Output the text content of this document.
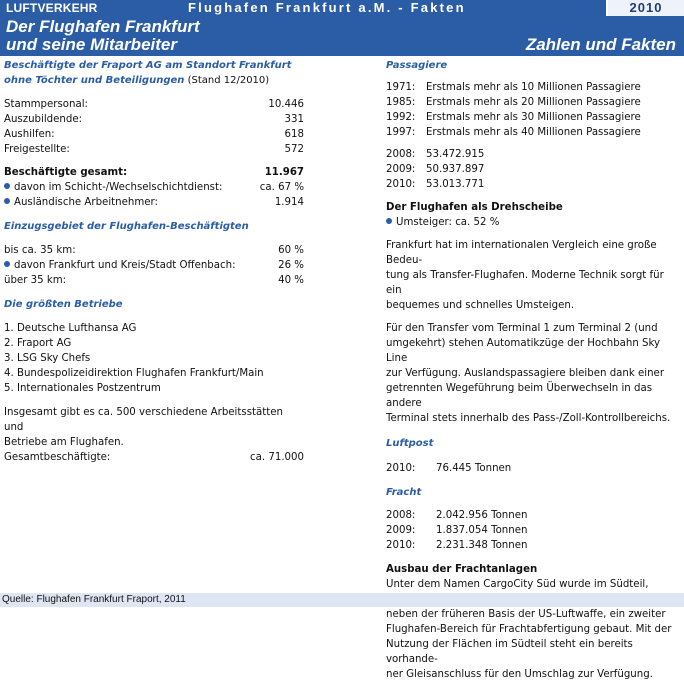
LUFTVERKEHR	Flughafen Frankfurt a.M. - Fakten	2010
Der Flughafen Frankfurt
und seine Mitarbeiter	Zahlen und Fakten
Beschäftigte der Fraport AG am Standort Frankfurt
ohne Töchter und Beteiligungen (Stand 12/2010)
Stammpersonal:	10.446
Auszubildende:	331
Aushilfen:	618
Freigestellte:	572
Beschäftigte gesamt:	11.967
davon im Schicht-/Wechselschichtdienst:	ca. 67 %
Ausländische Arbeitnehmer:	1.914
Einzugsgebiet der Flughafen-Beschäftigten
bis ca. 35 km:	60 %
davon Frankfurt und Kreis/Stadt Offenbach:	26 %
über 35 km:	40 %
Die größten Betriebe
1. Deutsche Lufthansa AG
2. Fraport AG
3. LSG Sky Chefs
4. Bundespolizeidirektion Flughafen Frankfurt/Main
5. Internationales Postzentrum
Insgesamt gibt es ca. 500 verschiedene Arbeitsstätten und
Betriebe am Flughafen.
Gesamtbeschäftigte:	ca. 71.000
Passagiere
1971: Erstmals mehr als 10 Millionen Passagiere
1985: Erstmals mehr als 20 Millionen Passagiere
1992: Erstmals mehr als 30 Millionen Passagiere
1997: Erstmals mehr als 40 Millionen Passagiere
2008: 53.472.915
2009: 50.937.897
2010: 53.013.771
Der Flughafen als Drehscheibe
Umsteiger: ca. 52 %
Frankfurt hat im internationalen Vergleich eine große Bedeu-
tung als Transfer-Flughafen. Moderne Technik sorgt für ein
bequemes und schnelles Umsteigen.
Für den Transfer vom Terminal 1 zum Terminal 2 (und
umgekehrt) stehen Automatikzüge der Hochbahn Sky Line
zur Verfügung. Auslandspassagiere bleiben dank einer
getrennten Wegeführung beim Überwechseln in das andere
Terminal stets innerhalb des Pass-/Zoll-Kontrollbereichs.
Luftpost
2010: 76.445 Tonnen
Fracht
2008: 2.042.956 Tonnen
2009: 1.837.054 Tonnen
2010: 2.231.348 Tonnen
Ausbau der Frachtanlagen
Unter dem Namen CargoCity Süd wurde im Südteil,
neben der früheren Basis der US-Luftwaffe, ein zweiter
Flughafen-Bereich für Frachtabfertigung gebaut. Mit der
Nutzung der Flächen im Südteil steht ein bereits vorhande-
ner Gleisanschluss für den Umschlag zur Verfügung.
Quelle: Flughafen Frankfurt Fraport, 2011
